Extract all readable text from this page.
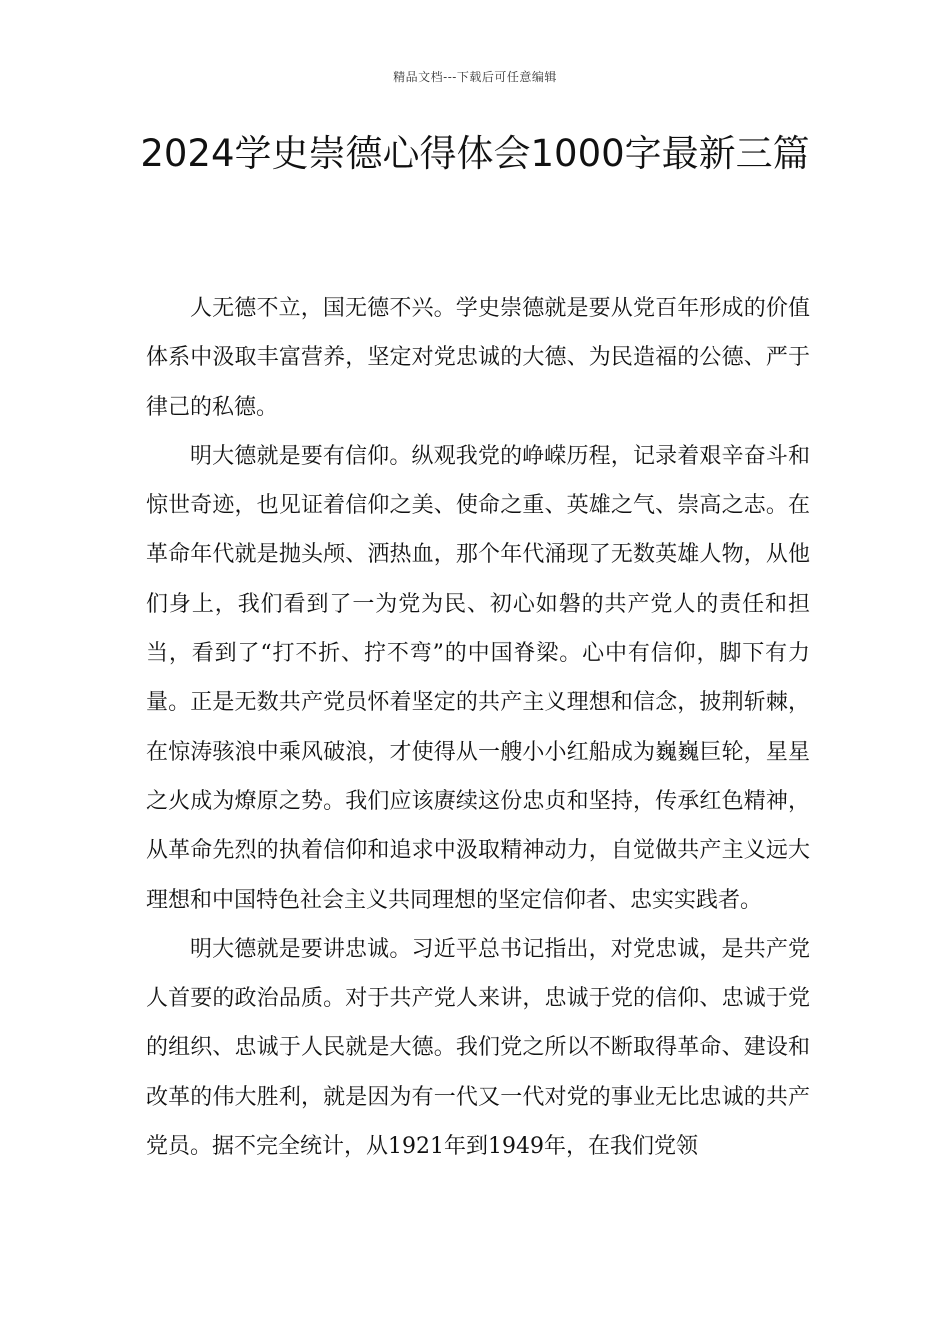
精品文档---下载后可任意编辑
2024学史崇德心得体会1000字最新三篇

人无德不立，国无德不兴。学史崇德就是要从党百年形成的价值体系中汲取丰富营养，坚定对党忠诚的大德、为民造福的公德、严于律己的私德。

明大德就是要有信仰。纵观我党的峥嵘历程，记录着艰辛奋斗和惊世奇迹，也见证着信仰之美、使命之重、英雄之气、崇高之志。在革命年代就是抛头颅、洒热血，那个年代涌现了无数英雄人物，从他们身上，我们看到了一为党为民、初心如磐的共产党人的责任和担当，看到了“打不折、拧不弯”的中国脊梁。心中有信仰，脚下有力量。正是无数共产党员怀着坚定的共产主义理想和信念，披荆斩棘，在惊涛骇浪中乘风破浪，才使得从一艘小小红船成为巍巍巨轮，星星之火成为燎原之势。我们应该赓续这份忠贞和坚持，传承红色精神，从革命先烈的执着信仰和追求中汲取精神动力，自觉做共产主义远大理想和中国特色社会主义共同理想的坚定信仰者、忠实实践者。

明大德就是要讲忠诚。习近平总书记指出，对党忠诚，是共产党人首要的政治品质。对于共产党人来讲，忠诚于党的信仰、忠诚于党的组织、忠诚于人民就是大德。我们党之所以不断取得革命、建设和改革的伟大胜利，就是因为有一代又一代对党的事业无比忠诚的共产党员。据不完全统计，从1921年到1949年，在我们党领
